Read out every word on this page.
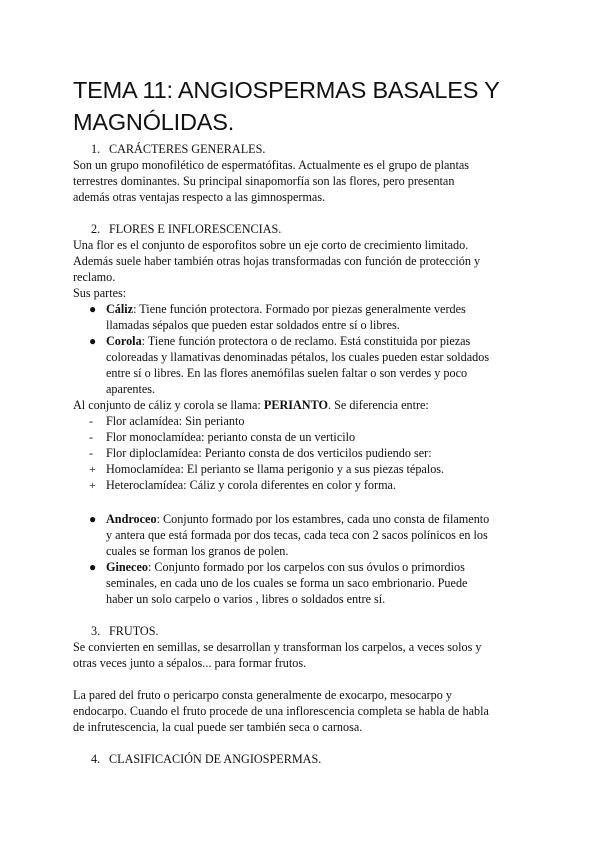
TEMA 11: ANGIOSPERMAS BASALES Y MAGNÓLIDAS.
1. CARÁCTERES GENERALES.
Son un grupo monofilético de espermatófitas. Actualmente es el grupo de plantas
terrestres dominantes. Su principal sinapomorfía son las flores, pero presentan
además otras ventajas respecto a las gimnospermas.
2. FLORES E INFLORESCENCIAS.
Una flor es el conjunto de esporofitos sobre un eje corto de crecimiento limitado.
Además suele haber también otras hojas transformadas con función de protección y
reclamo.
Sus partes:
● Cáliz: Tiene función protectora. Formado por piezas generalmente verdes
llamadas sépalos que pueden estar soldados entre sí o libres.
● Corola: Tiene función protectora o de reclamo. Está constituida por piezas
coloreadas y llamativas denominadas pétalos, los cuales pueden estar soldados
entre sí o libres. En las flores anemófilas suelen faltar o son verdes y poco
aparentes.
Al conjunto de cáliz y corola se llama: PERIANTO. Se diferencia entre:
- Flor aclamídea: Sin perianto
- Flor monoclamídea: perianto consta de un verticilo
- Flor diploclamídea: Perianto consta de dos verticilos pudiendo ser:
+ Homoclamídea: El perianto se llama perigonio y a sus piezas tépalos.
+ Heteroclamídea: Cáliz y corola diferentes en color y forma.
● Androceo: Conjunto formado por los estambres, cada uno consta de filamento
y antera que está formada por dos tecas, cada teca con 2 sacos polínicos en los
cuales se forman los granos de polen.
● Gineceo: Conjunto formado por los carpelos con sus óvulos o primordios
seminales, en cada uno de los cuales se forma un saco embrionario. Puede
haber un solo carpelo o varios , libres o soldados entre sí.
3. FRUTOS.
Se convierten en semillas, se desarrollan y transforman los carpelos, a veces solos y
otras veces junto a sépalos... para formar frutos.
La pared del fruto o pericarpo consta generalmente de exocarpo, mesocarpo y
endocarpo. Cuando el fruto procede de una inflorescencia completa se habla de habla
de infrutescencia, la cual puede ser también seca o carnosa.
4. CLASIFICACIÓN DE ANGIOSPERMAS.
